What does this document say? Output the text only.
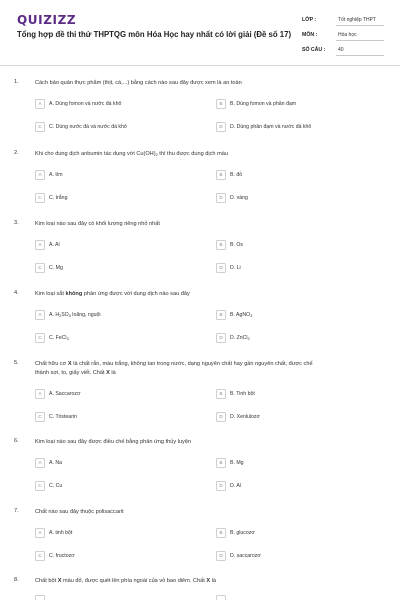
QUIZIZZ
Tổng hợp đề thi thử THPTQG môn Hóa Học hay nhất có lời giải (Đề số 17)
LỚP :	Tốt nghiệp THPT
MÔN :	Hóa học
SỐ CÂU :	40
1.	Cách bảo quản thực phẩm (thịt, cá,...) bằng cách nào sau đây được xem là an toàn
A	A. Dùng fomon và nước đá khô	B	B. Dùng fomon và phân đạm
C	C. Dùng nước đá và nước đá khô	D	D. Dùng phân đạm và nước đá khô
2.	Khi cho dung dịch anbumin tác dụng với $Cu(OH)_2$ thì thu được dung dịch màu
A	A. tím	B	B. đỏ
C	C. trắng	D	D. vàng
3.	Kim loại nào sau đây có khối lượng riêng nhỏ nhất
A	A. Al	B	B. Os
C	C. Mg	D	D. Li
4.	Kim loại sắt không phản ứng được với dung dịch nào sau đây
A	A. $H_2SO_4$ loãng, nguội	B	B. AgNO$_3$
C	C. FeCl$_3$	D	D. ZnCl$_2$
5.	Chất hữu cơ X là chất rắn, màu trắng, không tan trong nước, dạng nguyên chất hay gần nguyên chất, được chế
thành sợi, to, giấy viết. Chất X là
A	A. Saccarozơ	B	B. Tinh bột
C	C. Tristearin	D	D. Xenlulozơ
6.	Kim loại nào sau đây được điều chế bằng phản ứng thủy luyện
A	A. Na	B	B. Mg
C	C. Cu	D	D. Al
7.	Chất nào sau đây thuộc polisaccarit
A	A. tinh bột	B	B. glucozơ
C	C. fructozơ	D	D. saccarozơ
8.	Chất bột X màu đỏ, được quét lên phía ngoài của vỏ bao diêm. Chất X là
